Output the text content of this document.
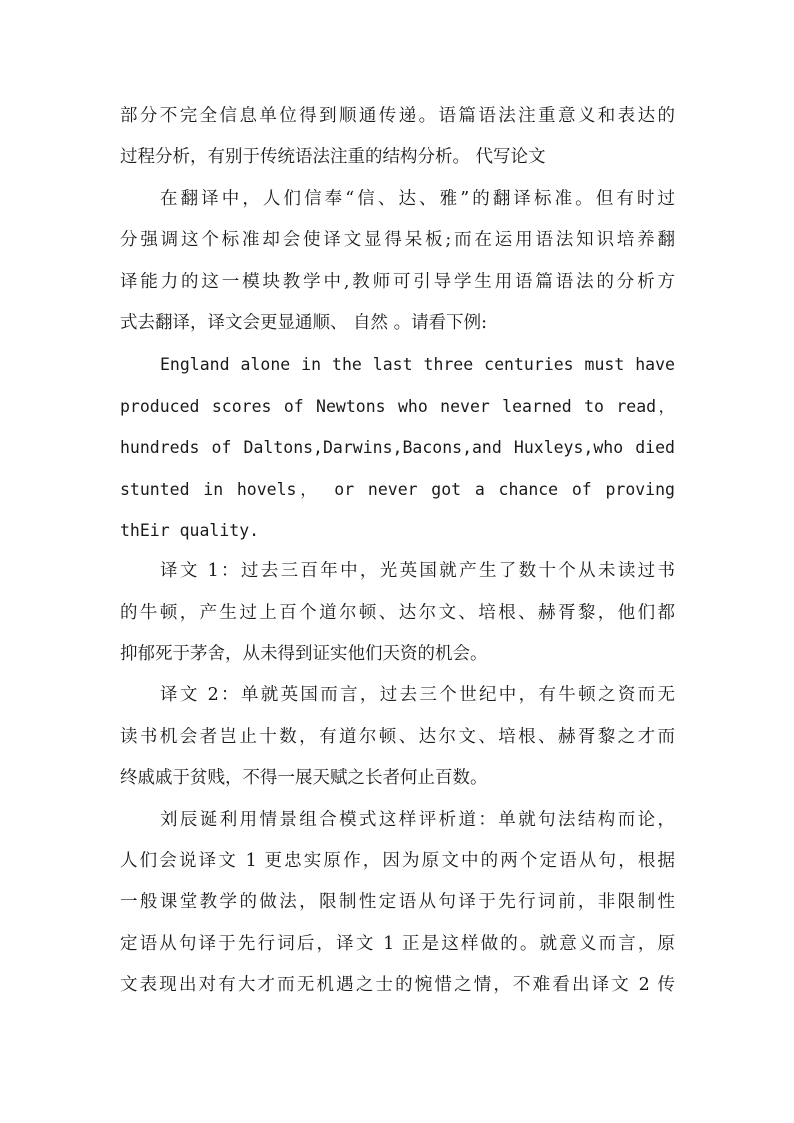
部分不完全信息单位得到顺通传递。语篇语法注重意义和表达的
过程分析，有别于传统语法注重的结构分析。 代写论文
在翻译中，人们信奉“信、达、雅”的翻译标准。但有时过
分强调这个标准却会使译文显得呆板;而在运用语法知识培养翻
译能力的这一模块教学中,教师可引导学生用语篇语法的分析方
式去翻译，译文会更显通顺、 自然 。请看下例:
England alone in the last three centuries must have
produced scores of Newtons who never learned to read，
hundreds of Daltons,Darwins,Bacons,and Huxleys,who died
stunted in hovels， or never got a chance of proving
thEir quality.
译文 1：过去三百年中，光英国就产生了数十个从未读过书
的牛顿，产生过上百个道尔顿、达尔文、培根、赫胥黎，他们都
抑郁死于茅舍，从未得到证实他们天资的机会。
译文 2：单就英国而言，过去三个世纪中，有牛顿之资而无
读书机会者岂止十数，有道尔顿、达尔文、培根、赫胥黎之才而
终戚戚于贫贱，不得一展天赋之长者何止百数。
刘辰诞利用情景组合模式这样评析道：单就句法结构而论，
人们会说译文 1 更忠实原作，因为原文中的两个定语从句，根据
一般课堂教学的做法，限制性定语从句译于先行词前，非限制性
定语从句译于先行词后，译文 1 正是这样做的。就意义而言，原
文表现出对有大才而无机遇之士的惋惜之情，不难看出译文 2 传
